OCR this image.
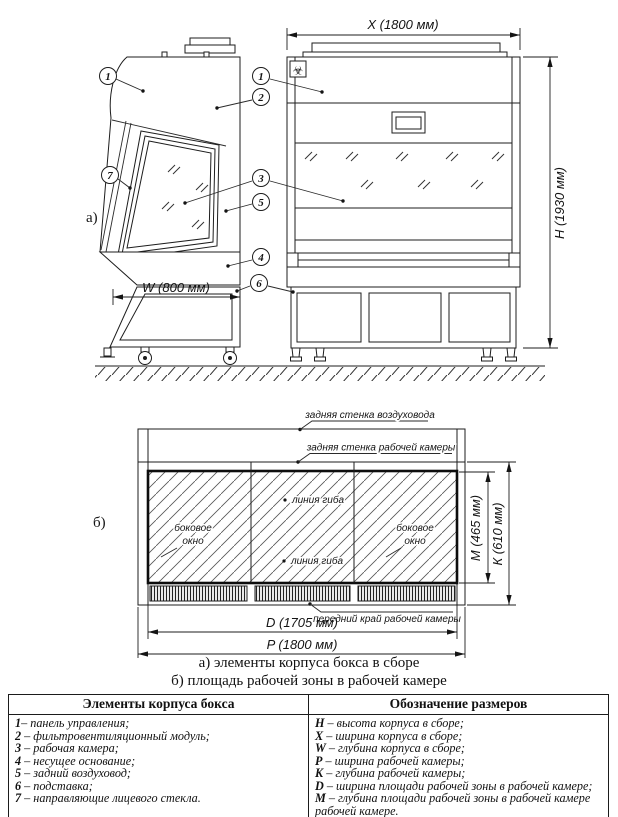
а)
☣
X (1800 мм)
H (1930 мм)
W (800 мм)
1	1
2
7	3
5
4
6
задняя стенка воздуховода
задняя стенка рабочей камеры
линия гиба
линия гиба
боковое
окно
боковое
окно
передний край рабочей камеры
D (1705 мм)
P (1800 мм)
М (465 мм) К (610 мм)
б)
а) элементы корпуса бокса в сборе
б) площадь рабочей зоны в рабочей камере
Элементы корпуса бокса	Обозначение размеров

1– панель управления;
2 – фильтровентиляционный модуль;
3 – рабочая камера;
4 – несущее основание;
5 – задний воздуховод;
6 – подставка;
7 – направляющие лицевого стекла.

H – высота корпуса в сборе;
X – ширина корпуса в сборе;
W – глубина корпуса в сборе;
P – ширина рабочей камеры;
K – глубина рабочей камеры;
D – ширина площади рабочей зоны в рабочей камере;
M – глубина площади рабочей зоны в рабочей камере рабочей камере.
